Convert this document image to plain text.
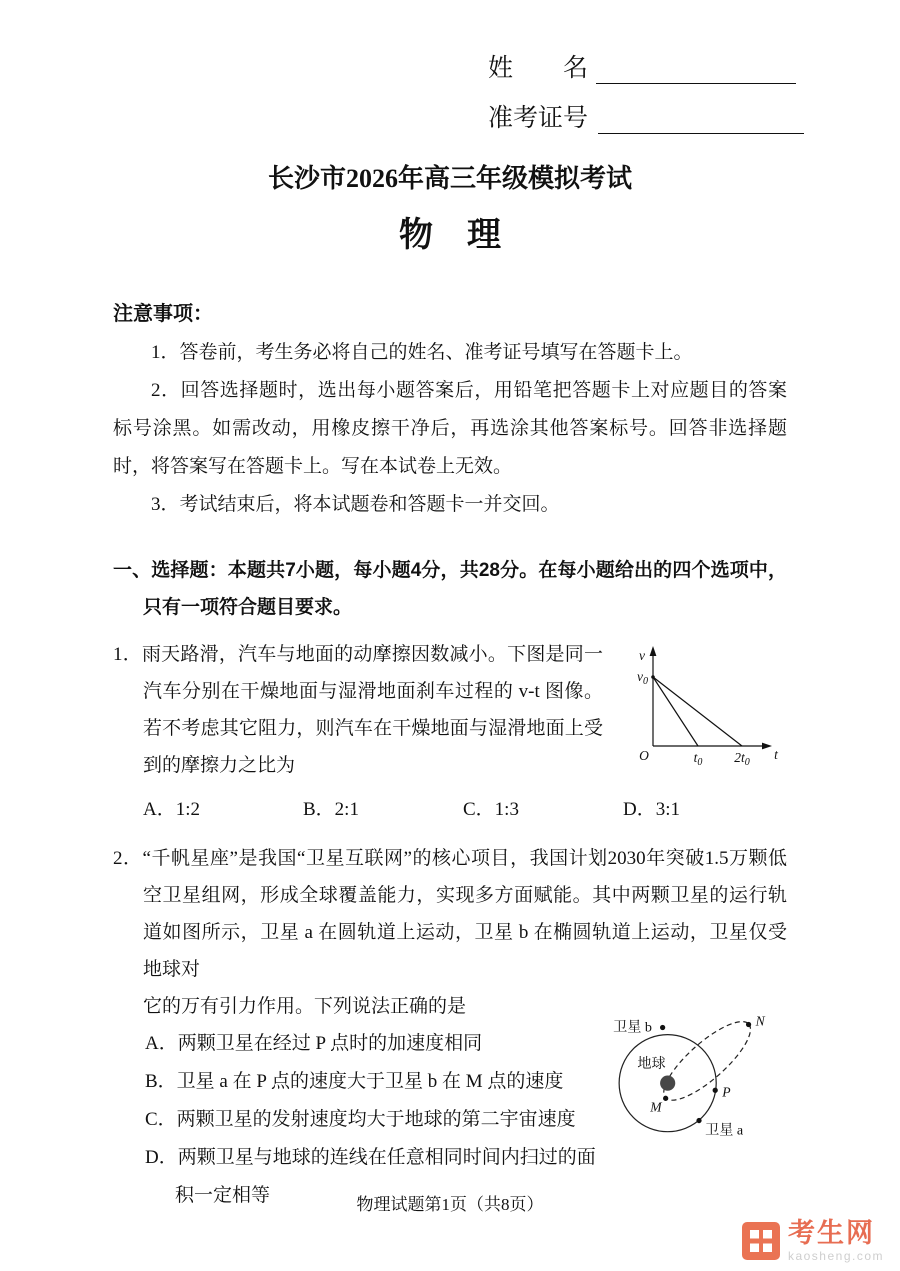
姓　　名
准考证号
长沙市2026年高三年级模拟考试
物　理
注意事项：

1．答卷前，考生务必将自己的姓名、准考证号填写在答题卡上。

2．回答选择题时，选出每小题答案后，用铅笔把答题卡上对应题目的答案标号涂黑。如需改动，用橡皮擦干净后，再选涂其他答案标号。回答非选择题时，将答案写在答题卡上。写在本试卷上无效。

3．考试结束后，将本试题卷和答题卡一并交回。

一、选择题：本题共7小题，每小题4分，共28分。在每小题给出的四个选项中，只有一项符合题目要求。
v
$v_0$
O	$t_0$ $2t_0$
t

1．雨天路滑，汽车与地面的动摩擦因数减小。下图是同一汽车分别在干燥地面与湿滑地面刹车过程的 v-t 图像。若不考虑其它阻力，则汽车在干燥地面与湿滑地面上受到的摩擦力之比为

A．1:2	B．2:1	C．1:3	D．3:1

2．“千帆星座”是我国“卫星互联网”的核心项目，我国计划2030年突破1.5万颗低空卫星组网，形成全球覆盖能力，实现多方面赋能。其中两颗卫星的运行轨道如图所示，卫星 a 在圆轨道上运动，卫星 b 在椭圆轨道上运动，卫星仅受地球对

卫星 b	N
地球
M
P
卫星 a

它的万有引力作用。下列说法正确的是

A．两颗卫星在经过 P 点时的加速度相同

B．卫星 a 在 P 点的速度大于卫星 b 在 M 点的速度

C．两颗卫星的发射速度均大于地球的第二宇宙速度

D．两颗卫星与地球的连线在任意相同时间内扫过的面积一定相等	物理试题第1页（共8页）
考生网
kaosheng.com
